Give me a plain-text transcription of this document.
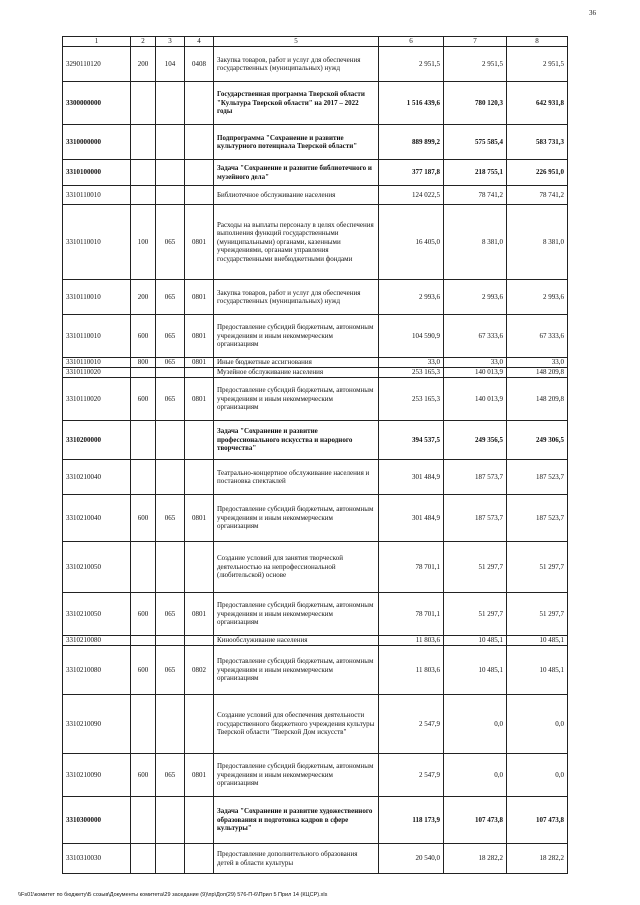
36
1	2	3	4	5	6	7	8
3290110120	200	104	0408	Закупка товаров, работ и услуг для обеспечения государственных (муниципальных) нужд	2 951,5	2 951,5	2 951,5
3300000000				Государственная программа Тверской области "Культура Тверской области" на 2017 – 2022 годы	1 516 439,6	780 120,3	642 931,8
3310000000				Подпрограмма "Сохранение и развитие культурного потенциала Тверской области"	889 899,2	575 585,4	583 731,3
3310100000				Задача "Сохранение и развитие библиотечного и музейного дела"	377 187,8	218 755,1	226 951,0
3310110010				Библиотечное обслуживание населения	124 022,5	78 741,2	78 741,2
3310110010	100	065	0801	Расходы на выплаты персоналу в целях обеспечения выполнения функций государственными (муниципальными) органами, казенными учреждениями, органами управления государственными внебюджетными фондами	16 405,0	8 381,0	8 381,0
3310110010	200	065	0801	Закупка товаров, работ и услуг для обеспечения государственных (муниципальных) нужд	2 993,6	2 993,6	2 993,6
3310110010	600	065	0801	Предоставление субсидий бюджетным, автономным учреждениям и иным некоммерческим организациям	104 590,9	67 333,6	67 333,6
3310110010	800	065	0801	Иные бюджетные ассигнования	33,0	33,0	33,0
3310110020				Музейное обслуживание населения	253 165,3	140 013,9	148 209,8
3310110020	600	065	0801	Предоставление субсидий бюджетным, автономным учреждениям и иным некоммерческим организациям	253 165,3	140 013,9	148 209,8
3310200000				Задача "Сохранение и развитие профессионального искусства и народного творчества"	394 537,5	249 356,5	249 306,5
3310210040				Театрально-концертное обслуживание населения и постановка спектаклей	301 484,9	187 573,7	187 523,7
3310210040	600	065	0801	Предоставление субсидий бюджетным, автономным учреждениям и иным некоммерческим организациям	301 484,9	187 573,7	187 523,7
3310210050				Создание условий для занятия творческой деятельностью на непрофессиональной (любительской) основе	78 701,1	51 297,7	51 297,7
3310210050	600	065	0801	Предоставление субсидий бюджетным, автономным учреждениям и иным некоммерческим организациям	78 701,1	51 297,7	51 297,7
3310210080				Кинообслуживание населения	11 803,6	10 485,1	10 485,1
3310210080	600	065	0802	Предоставление субсидий бюджетным, автономным учреждениям и иным некоммерческим организациям	11 803,6	10 485,1	10 485,1
3310210090				Создание условий для обеспечения деятельности государственного бюджетного учреждения культуры Тверской области "Тверской Дом искусств"	2 547,9	0,0	0,0
3310210090	600	065	0801	Предоставление субсидий бюджетным, автономным учреждениям и иным некоммерческим организациям	2 547,9	0,0	0,0
3310300000				Задача "Сохранение и развитие художественного образования и подготовка кадров в сфере культуры"	118 173,9	107 473,8	107 473,8
3310310030				Предоставление дополнительного образования детей в области культуры	20 540,0	18 282,2	18 282,2
\\Fs01\комитет по бюджету\Б созыв\Документы комитета\29 заседание (9)\пр\Доп(29) 576-П-6\Прил 5 Прил 14 (КЦСР).xls
